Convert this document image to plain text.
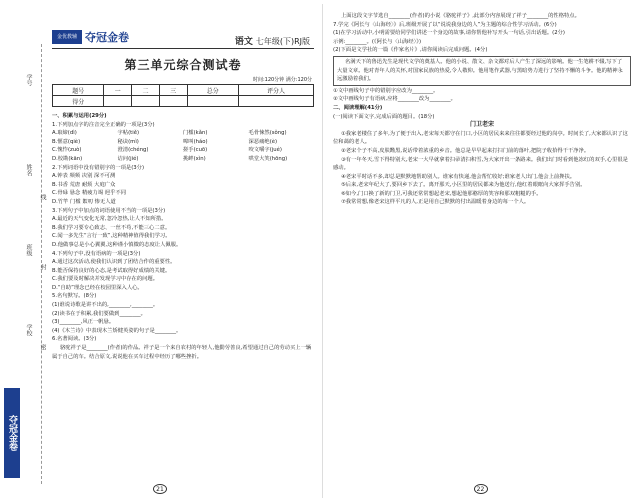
学号
姓名
线
班级
封
学校
密
夺冠金卷
金优教辅 夺冠金卷	语文 七年级(下)RJ版
第三单元综合测试卷
时间:120分钟 满分:120分
题号	一	二	三	总分	评分人
得分					

一、积累与运用(29分)

1.下列加点字的注音完全正确的一项是(3分)

A.取缔(dì)	字帖(tiě)	门槛(kǎn)	毛骨悚然(sǒng)
B.惬意(qiè)	秘诀(mì)	嗥叫(háo)	深恶痛绝(è)
C.愧怍(zuò)	澄清(chéng)	搓手(cuō)	咬文嚼字(jué)
D.校勘(kān)	诘问(jié)	挑衅(xìn)	哄堂大笑(hōng)

2.下列词语中没有错别字的一项是(3分)

A.钟表 频频 决别 深不可测

B.书香 荒唐 耐烦 大庭广众

C.骨碌 悬念 精疲力竭 迥乎不同

D.竹竿 门槛 絮叨 惨无人道

3.下列句子中加点的词语使用不当的一项是(3分)

A.最近的天气变化无常,忽冷忽热,让人不知所措。

B.我们学习要专心致志、一丝不苟,不能三心二意。

C.闻一多先生“言行一致”,这种精神值得我们学习。

D.他做事总是小心翼翼,这种谨小慎微的态度让人佩服。

4.下列句子中,没有语病的一项是(3分)

A.通过这次活动,使我们认识到了团结合作的重要性。

B.能否保持良好的心态,是考试取得好成绩的关键。

C.我们要及时解决并发现学习中存在的问题。

D.“自助”理念已经在校园里深入人心。

5.名句默写。(8分)

(1)谁说诗歌是讲不出的,________,________。

(2)读书在于积累,我们要做到________。

(3)________,风正一帆悬。

(4)《木兰诗》中表现木兰矫健英姿的句子是________。

6.名著阅读。(3分)

骆驼祥子是________(作者)的作品。祥子是一个来自农村的年轻人,他勤劳善良,希望通过自己的劳动买上一辆属于自己的车。结合原文,说说他在买车过程中经历了哪些挫折。

21

上面这段文字节选自________(作者)的小说《骆驼祥子》,此部分内容展现了祥子________的性格特点。

7.学完《阿长与〈山海经〉》后,班级开展了以“说说我身边的人”为主题的综合性学习活动。(6分)

(1)在学习活动中,小明需要给同学们讲述一个身边的故事,请你帮他补写开头一句话,引出话题。(2分)

示例:________。(《阿长与〈山海经〉》)

(2)下面是文学社的一篇《作家名片》,请你阅读后完成问题。(4分)

名满天下的鲁迅先生是现代文学的奠基人。他的小说、散文、杂文都对后人产生了深远的影响。他一生笔耕不辍,写下了大量文章。他对青年人的关怀,对国家民族的热爱,令人敬仰。他用笔作武器,与黑暗势力进行了坚持不懈的斗争。他的精神永远激励着我们。

①文中画线句子中的错别字应改为________。

②文中画线句子有语病,应将________改为________。

二、阅读理解(41分)

(一)阅读下面文字,完成后面的题目。(18分)

门卫老宋

①我家老楼住了多年,为了便于出入,老宋每天都守在门口,小区的居民来来往往都要经过他的岗亭。时间长了,大家都认识了这位和蔼的老人。

②老宋个子不高,皮肤黝黑,说话带着浓重的乡音。他总是早早起来打扫门前的落叶,把院子收拾得干干净净。

③有一年冬天,雪下得特别大,老宋一大早就拿着扫帚清扫积雪,为大家开出一条路来。我们出门时看到他冻红的双手,心里很是感动。

④老宋平时话不多,却总是默默地帮助别人。谁家有快递,他会帮忙收好;谁家老人出门,他会上前搀扶。

⑤后来,老宋年纪大了,要回乡下去了。离开那天,小区里的居民都来为他送行,他红着眼眶向大家挥手告别。

⑥如今,门口换了新的门卫,可我还常常想起老宋,想起他那憨厚的笑容和那双粗糙的手。

⑦我常常想,像老宋这样平凡的人,正是用自己默默的付出温暖着身边的每一个人。

22
